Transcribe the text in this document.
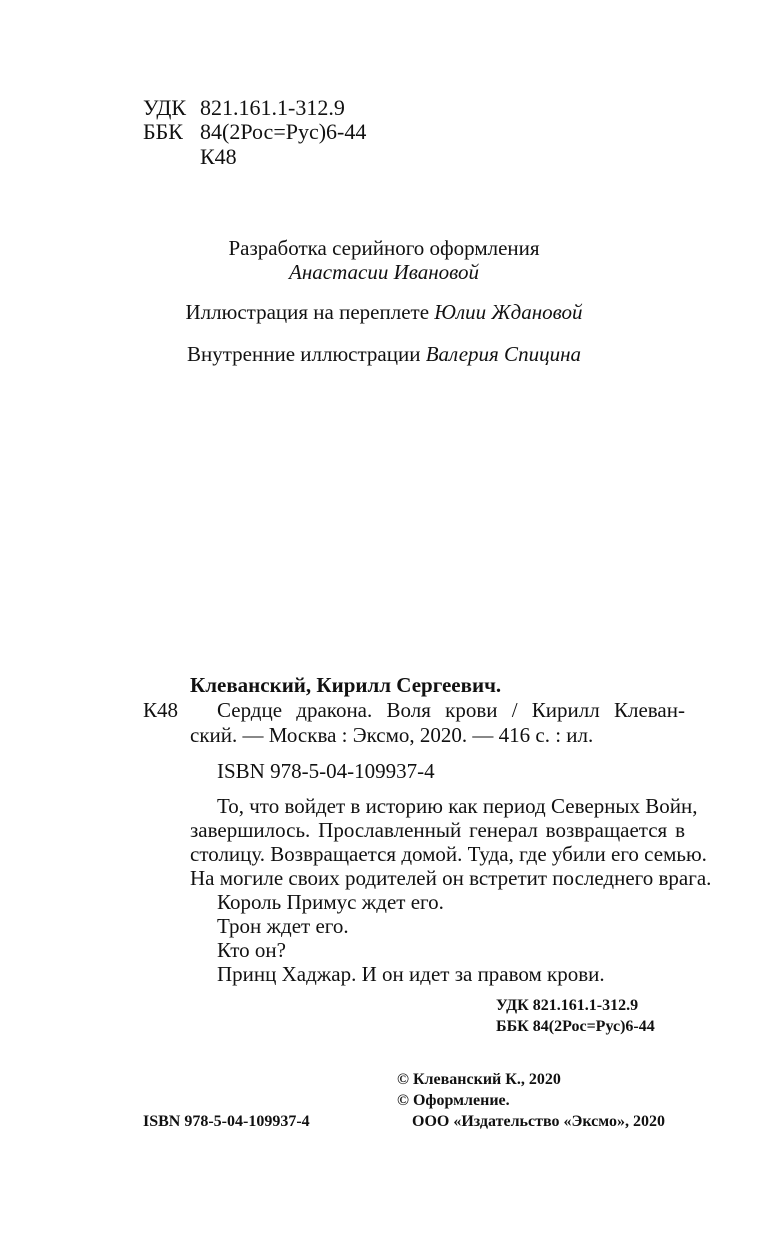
УДК 821.161.1-312.9
ББК 84(2Рос=Рус)6-44
К48
Разработка серийного оформления
Анастасии Ивановой
Иллюстрация на переплете Юлии Ждановой
Внутренние иллюстрации Валерия Спицина
Клеванский, Кирилл Сергеевич.
К48 Сердце дракона. Воля крови / Кирилл Клеван-
ский. — Москва : Эксмо, 2020. — 416 с. : ил.
ISBN 978-5-04-109937-4
То, что войдет в историю как период Северных Войн,
завершилось. Прославленный генерал возвращается в
столицу. Возвращается домой. Туда, где убили его семью.
На могиле своих родителей он встретит последнего врага.
Король Примус ждет его.
Трон ждет его.
Кто он?
Принц Хаджар. И он идет за правом крови.
УДК 821.161.1-312.9
ББК 84(2Рос=Рус)6-44
© Клеванский К., 2020
© Оформление.
ISBN 978-5-04-109937-4	ООО «Издательство «Эксмо», 2020
